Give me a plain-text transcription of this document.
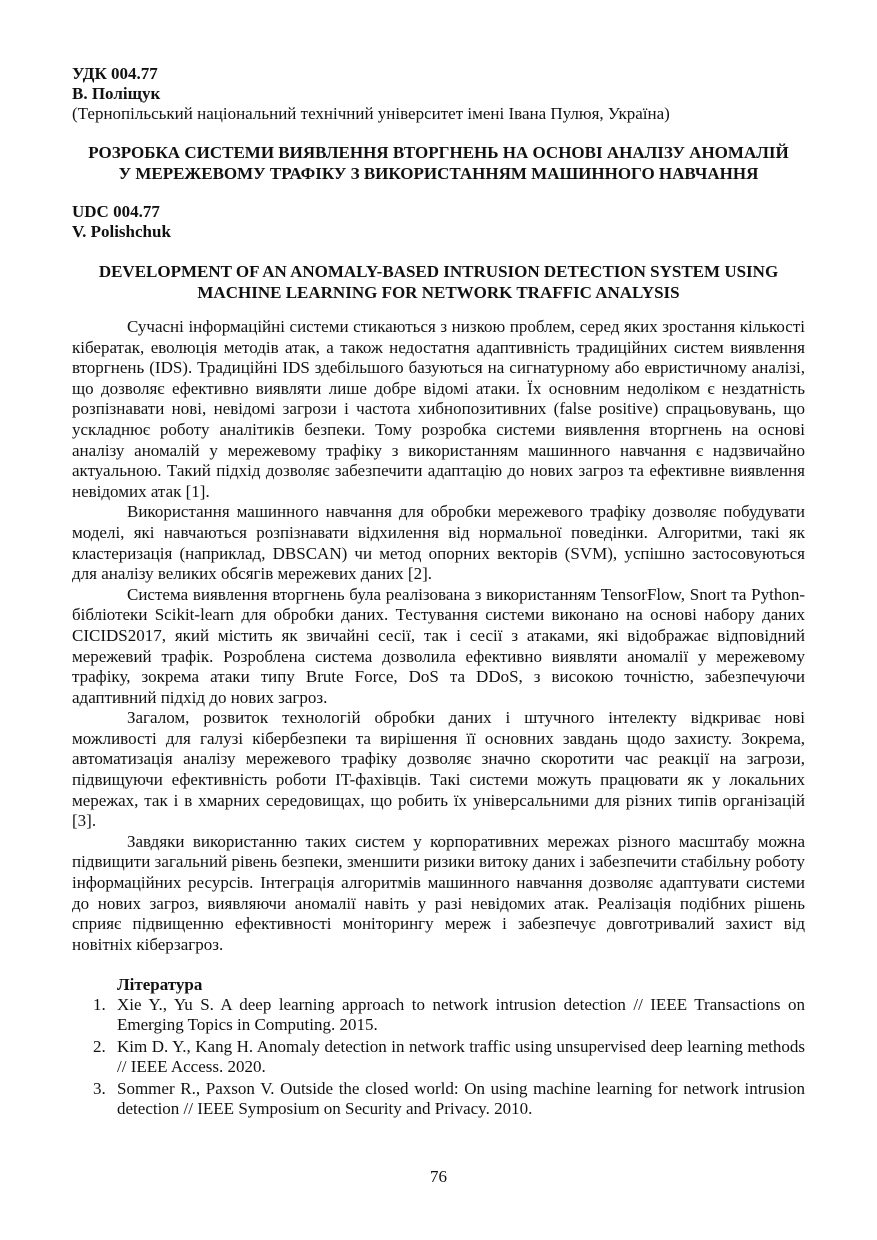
УДК 004.77

В. Поліщук

(Тернопільський національний технічний університет імені Івана Пулюя, Україна)

РОЗРОБКА СИСТЕМИ ВИЯВЛЕННЯ ВТОРГНЕНЬ НА ОСНОВІ АНАЛІЗУ АНОМАЛІЙ

У МЕРЕЖЕВОМУ ТРАФІКУ З ВИКОРИСТАННЯМ МАШИННОГО НАВЧАННЯ

UDC 004.77

V. Polishchuk

DEVELOPMENT OF AN ANOMALY-BASED INTRUSION DETECTION SYSTEM USING

MACHINE LEARNING FOR NETWORK TRAFFIC ANALYSIS

Сучасні інформаційні системи стикаються з низкою проблем, серед яких зростання кількості кібератак, еволюція методів атак, а також недостатня адаптивність традиційних систем виявлення вторгнень (IDS). Традиційні IDS здебільшого базуються на сигнатурному або евристичному аналізі, що дозволяє ефективно виявляти лише добре відомі атаки. Їх основним недоліком є нездатність розпізнавати нові, невідомі загрози і частота хибнопозитивних (false positive) спрацьовувань, що ускладнює роботу аналітиків безпеки. Тому розробка системи виявлення вторгнень на основі аналізу аномалій у мережевому трафіку з використанням машинного навчання є надзвичайно актуальною. Такий підхід дозволяє забезпечити адаптацію до нових загроз та ефективне виявлення невідомих атак [1].

Використання машинного навчання для обробки мережевого трафіку дозволяє побудувати моделі, які навчаються розпізнавати відхилення від нормальної поведінки. Алгоритми, такі як кластеризація (наприклад, DBSCAN) чи метод опорних векторів (SVM), успішно застосовуються для аналізу великих обсягів мережевих даних [2].

Система виявлення вторгнень була реалізована з використанням TensorFlow, Snort та Python-бібліотеки Scikit-learn для обробки даних. Тестування системи виконано на основі набору даних CICIDS2017, який містить як звичайні сесії, так і сесії з атаками, які відображає відповідний мережевий трафік. Розроблена система дозволила ефективно виявляти аномалії у мережевому трафіку, зокрема атаки типу Brute Force, DoS та DDoS, з високою точністю, забезпечуючи адаптивний підхід до нових загроз.

Загалом, розвиток технологій обробки даних і штучного інтелекту відкриває нові можливості для галузі кібербезпеки та вирішення її основних завдань щодо захисту. Зокрема, автоматизація аналізу мережевого трафіку дозволяє значно скоротити час реакції на загрози, підвищуючи ефективність роботи IT-фахівців. Такі системи можуть працювати як у локальних мережах, так і в хмарних середовищах, що робить їх універсальними для різних типів організацій [3].

Завдяки використанню таких систем у корпоративних мережах різного масштабу можна підвищити загальний рівень безпеки, зменшити ризики витоку даних і забезпечити стабільну роботу інформаційних ресурсів. Інтеграція алгоритмів машинного навчання дозволяє адаптувати системи до нових загроз, виявляючи аномалії навіть у разі невідомих атак. Реалізація подібних рішень сприяє підвищенню ефективності моніторингу мереж і забезпечує довготривалий захист від новітніх кіберзагроз.

Література

1. Xie Y., Yu S. A deep learning approach to network intrusion detection // IEEE Transactions on Emerging Topics in Computing. 2015.
2. Kim D. Y., Kang H. Anomaly detection in network traffic using unsupervised deep learning methods // IEEE Access. 2020.
3. Sommer R., Paxson V. Outside the closed world: On using machine learning for network intrusion detection // IEEE Symposium on Security and Privacy. 2010.
76
